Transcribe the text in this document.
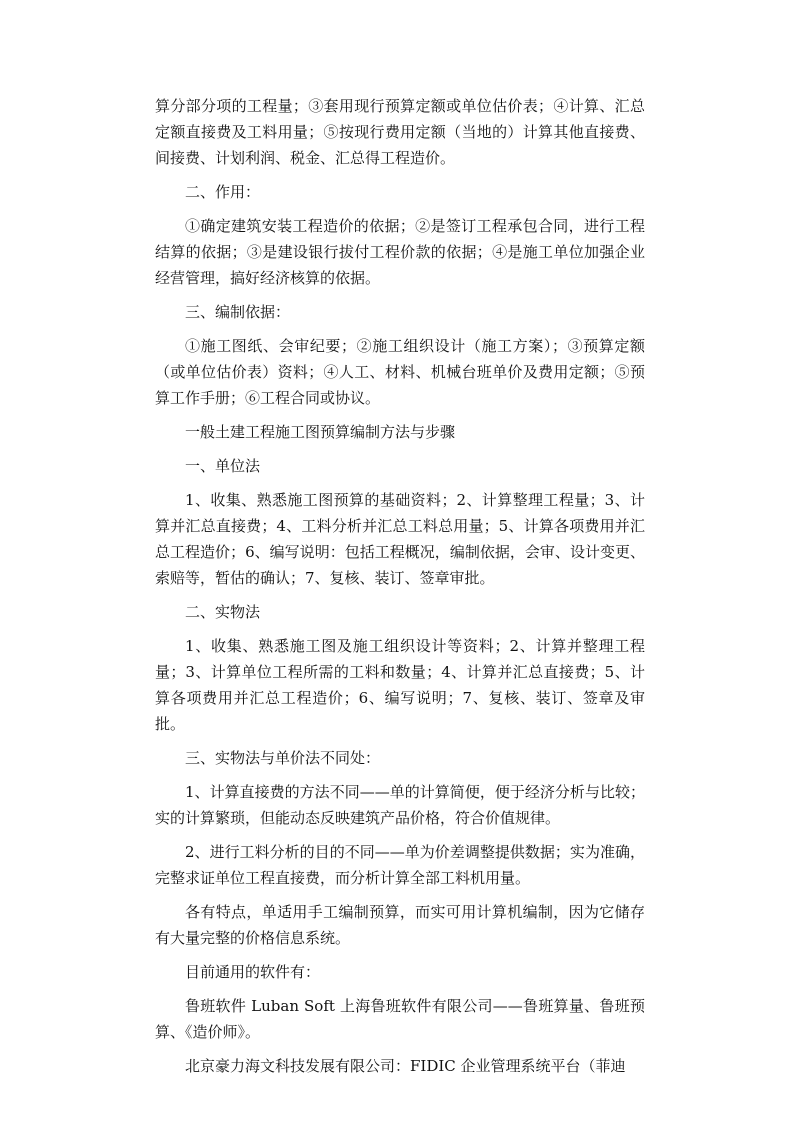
算分部分项的工程量；③套用现行预算定额或单位估价表；④计算、汇总定额直接费及工料用量；⑤按现行费用定额（当地的）计算其他直接费、间接费、计划利润、税金、汇总得工程造价。

二、作用：

①确定建筑安装工程造价的依据；②是签订工程承包合同，进行工程结算的依据；③是建设银行拔付工程价款的依据；④是施工单位加强企业经营管理，搞好经济核算的依据。

三、编制依据：

①施工图纸、会审纪要；②施工组织设计（施工方案）；③预算定额（或单位估价表）资料；④人工、材料、机械台班单价及费用定额；⑤预算工作手册；⑥工程合同或协议。

一般土建工程施工图预算编制方法与步骤

一、单位法

1、收集、熟悉施工图预算的基础资料；2、计算整理工程量；3、计算并汇总直接费；4、工料分析并汇总工料总用量；5、计算各项费用并汇总工程造价；6、编写说明：包括工程概况，编制依据，会审、设计变更、索赔等，暂估的确认；7、复核、装订、签章审批。

二、实物法

1、收集、熟悉施工图及施工组织设计等资料；2、计算并整理工程量；3、计算单位工程所需的工料和数量；4、计算并汇总直接费；5、计算各项费用并汇总工程造价；6、编写说明；7、复核、装订、签章及审批。

三、实物法与单价法不同处：

1、计算直接费的方法不同——单的计算简便，便于经济分析与比较；实的计算繁琐，但能动态反映建筑产品价格，符合价值规律。

2、进行工料分析的目的不同——单为价差调整提供数据；实为准确，完整求证单位工程直接费，而分析计算全部工料机用量。

各有特点，单适用手工编制预算，而实可用计算机编制，因为它储存有大量完整的价格信息系统。

目前通用的软件有：

鲁班软件 Luban Soft 上海鲁班软件有限公司——鲁班算量、鲁班预算、《造价师》。

北京豪力海文科技发展有限公司：FIDIC 企业管理系统平台（菲迪
